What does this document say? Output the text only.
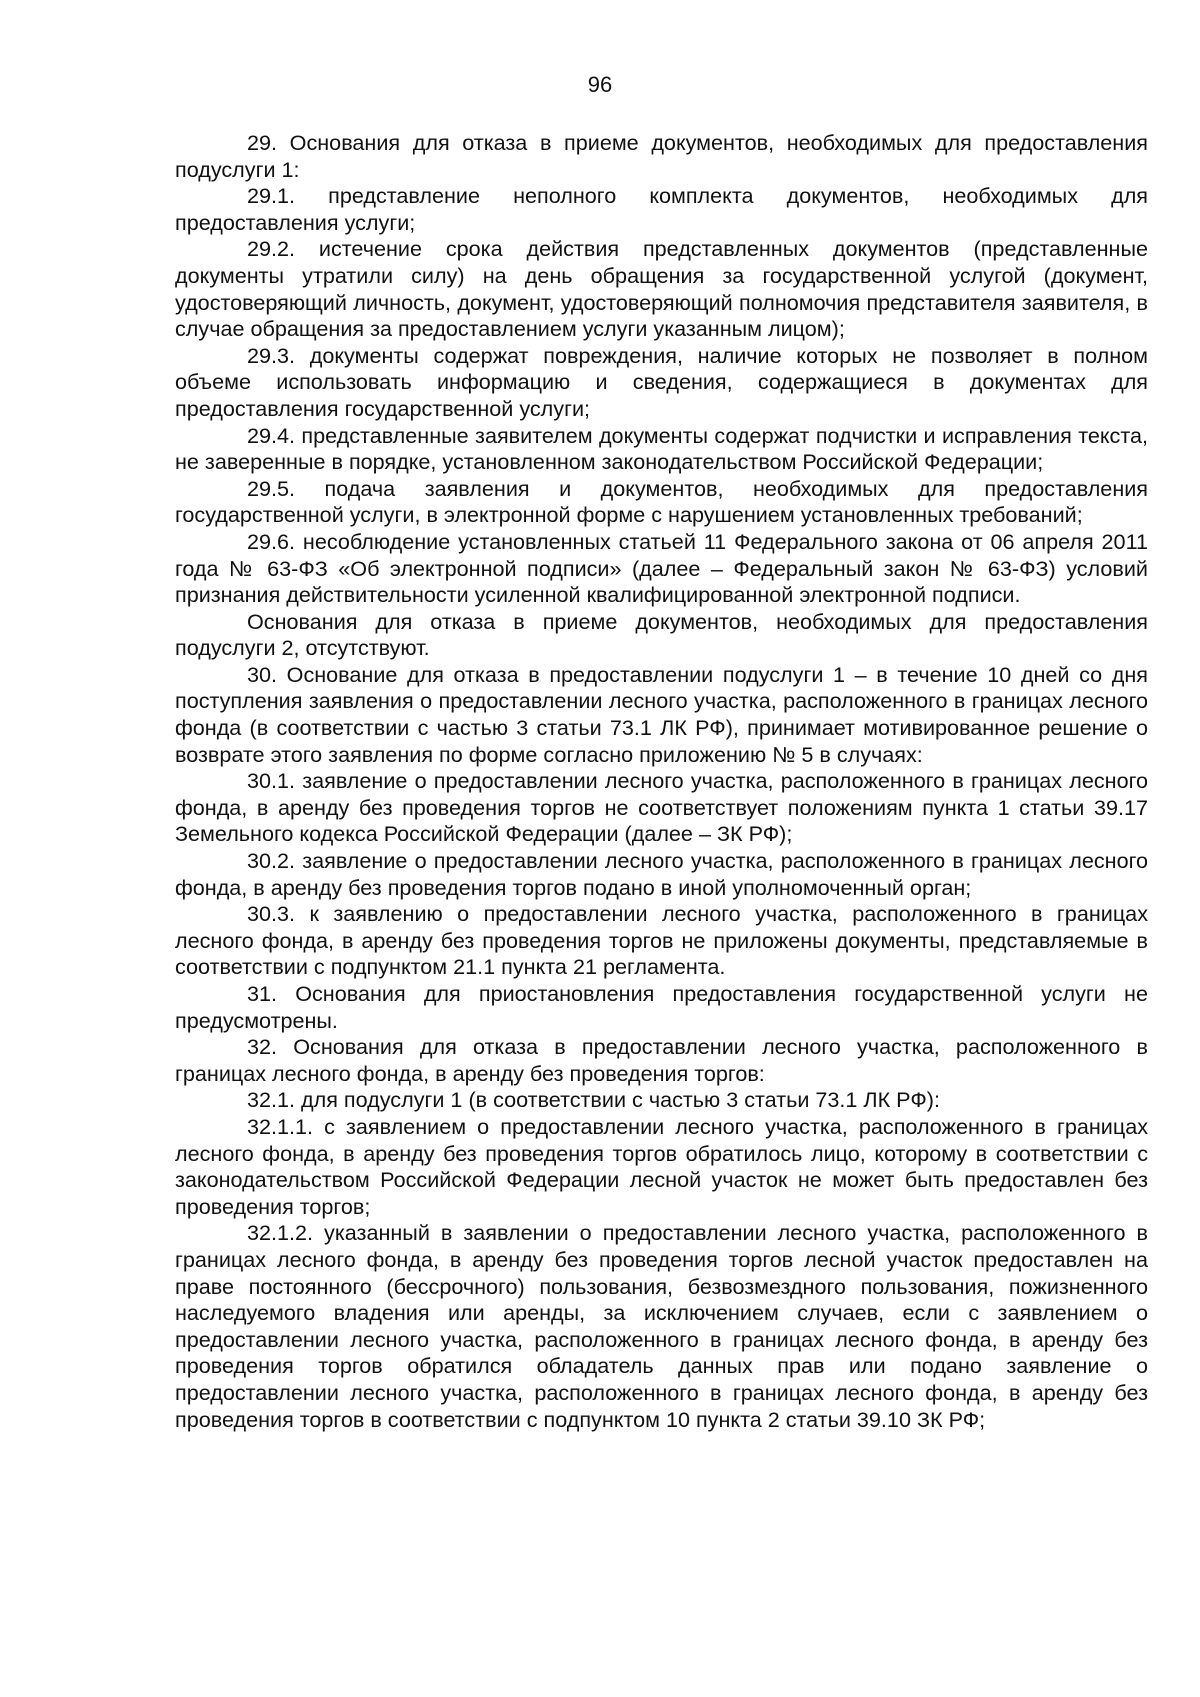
96

29. Основания для отказа в приеме документов, необходимых для предоставления подуслуги 1:

29.1. представление неполного комплекта документов, необходимых для предоставления услуги;

29.2. истечение срока действия представленных документов (представленные документы утратили силу) на день обращения за государственной услугой (документ, удостоверяющий личность, документ, удостоверяющий полномочия представителя заявителя, в случае обращения за предоставлением услуги указанным лицом);

29.3. документы содержат повреждения, наличие которых не позволяет в полном объеме использовать информацию и сведения, содержащиеся в документах для предоставления государственной услуги;

29.4. представленные заявителем документы содержат подчистки и исправления текста, не заверенные в порядке, установленном законодательством Российской Федерации;

29.5. подача заявления и документов, необходимых для предоставления государственной услуги, в электронной форме с нарушением установленных требований;

29.6. несоблюдение установленных статьей 11 Федерального закона от 06 апреля 2011 года № 63-ФЗ «Об электронной подписи» (далее – Федеральный закон № 63-ФЗ) условий признания действительности усиленной квалифицированной электронной подписи.

Основания для отказа в приеме документов, необходимых для предоставления подуслуги 2, отсутствуют.

30. Основание для отказа в предоставлении подуслуги 1 – в течение 10 дней со дня поступления заявления о предоставлении лесного участка, расположенного в границах лесного фонда (в соответствии с частью 3 статьи 73.1 ЛК РФ), принимает мотивированное решение о возврате этого заявления по форме согласно приложению № 5 в случаях:

30.1. заявление о предоставлении лесного участка, расположенного в границах лесного фонда, в аренду без проведения торгов не соответствует положениям пункта 1 статьи 39.17 Земельного кодекса Российской Федерации (далее – ЗК РФ);

30.2. заявление о предоставлении лесного участка, расположенного в границах лесного фонда, в аренду без проведения торгов подано в иной уполномоченный орган;

30.3. к заявлению о предоставлении лесного участка, расположенного в границах лесного фонда, в аренду без проведения торгов не приложены документы, представляемые в соответствии с подпунктом 21.1 пункта 21 регламента.

31. Основания для приостановления предоставления государственной услуги не предусмотрены.

32. Основания для отказа в предоставлении лесного участка, расположенного в границах лесного фонда, в аренду без проведения торгов:

32.1. для подуслуги 1 (в соответствии с частью 3 статьи 73.1 ЛК РФ):

32.1.1. с заявлением о предоставлении лесного участка, расположенного в границах лесного фонда, в аренду без проведения торгов обратилось лицо, которому в соответствии с законодательством Российской Федерации лесной участок не может быть предоставлен без проведения торгов;

32.1.2. указанный в заявлении о предоставлении лесного участка, расположенного в границах лесного фонда, в аренду без проведения торгов лесной участок предоставлен на праве постоянного (бессрочного) пользования, безвозмездного пользования, пожизненного наследуемого владения или аренды, за исключением случаев, если с заявлением о предоставлении лесного участка, расположенного в границах лесного фонда, в аренду без проведения торгов обратился обладатель данных прав или подано заявление о предоставлении лесного участка, расположенного в границах лесного фонда, в аренду без проведения торгов в соответствии с подпунктом 10 пункта 2 статьи 39.10 ЗК РФ;
